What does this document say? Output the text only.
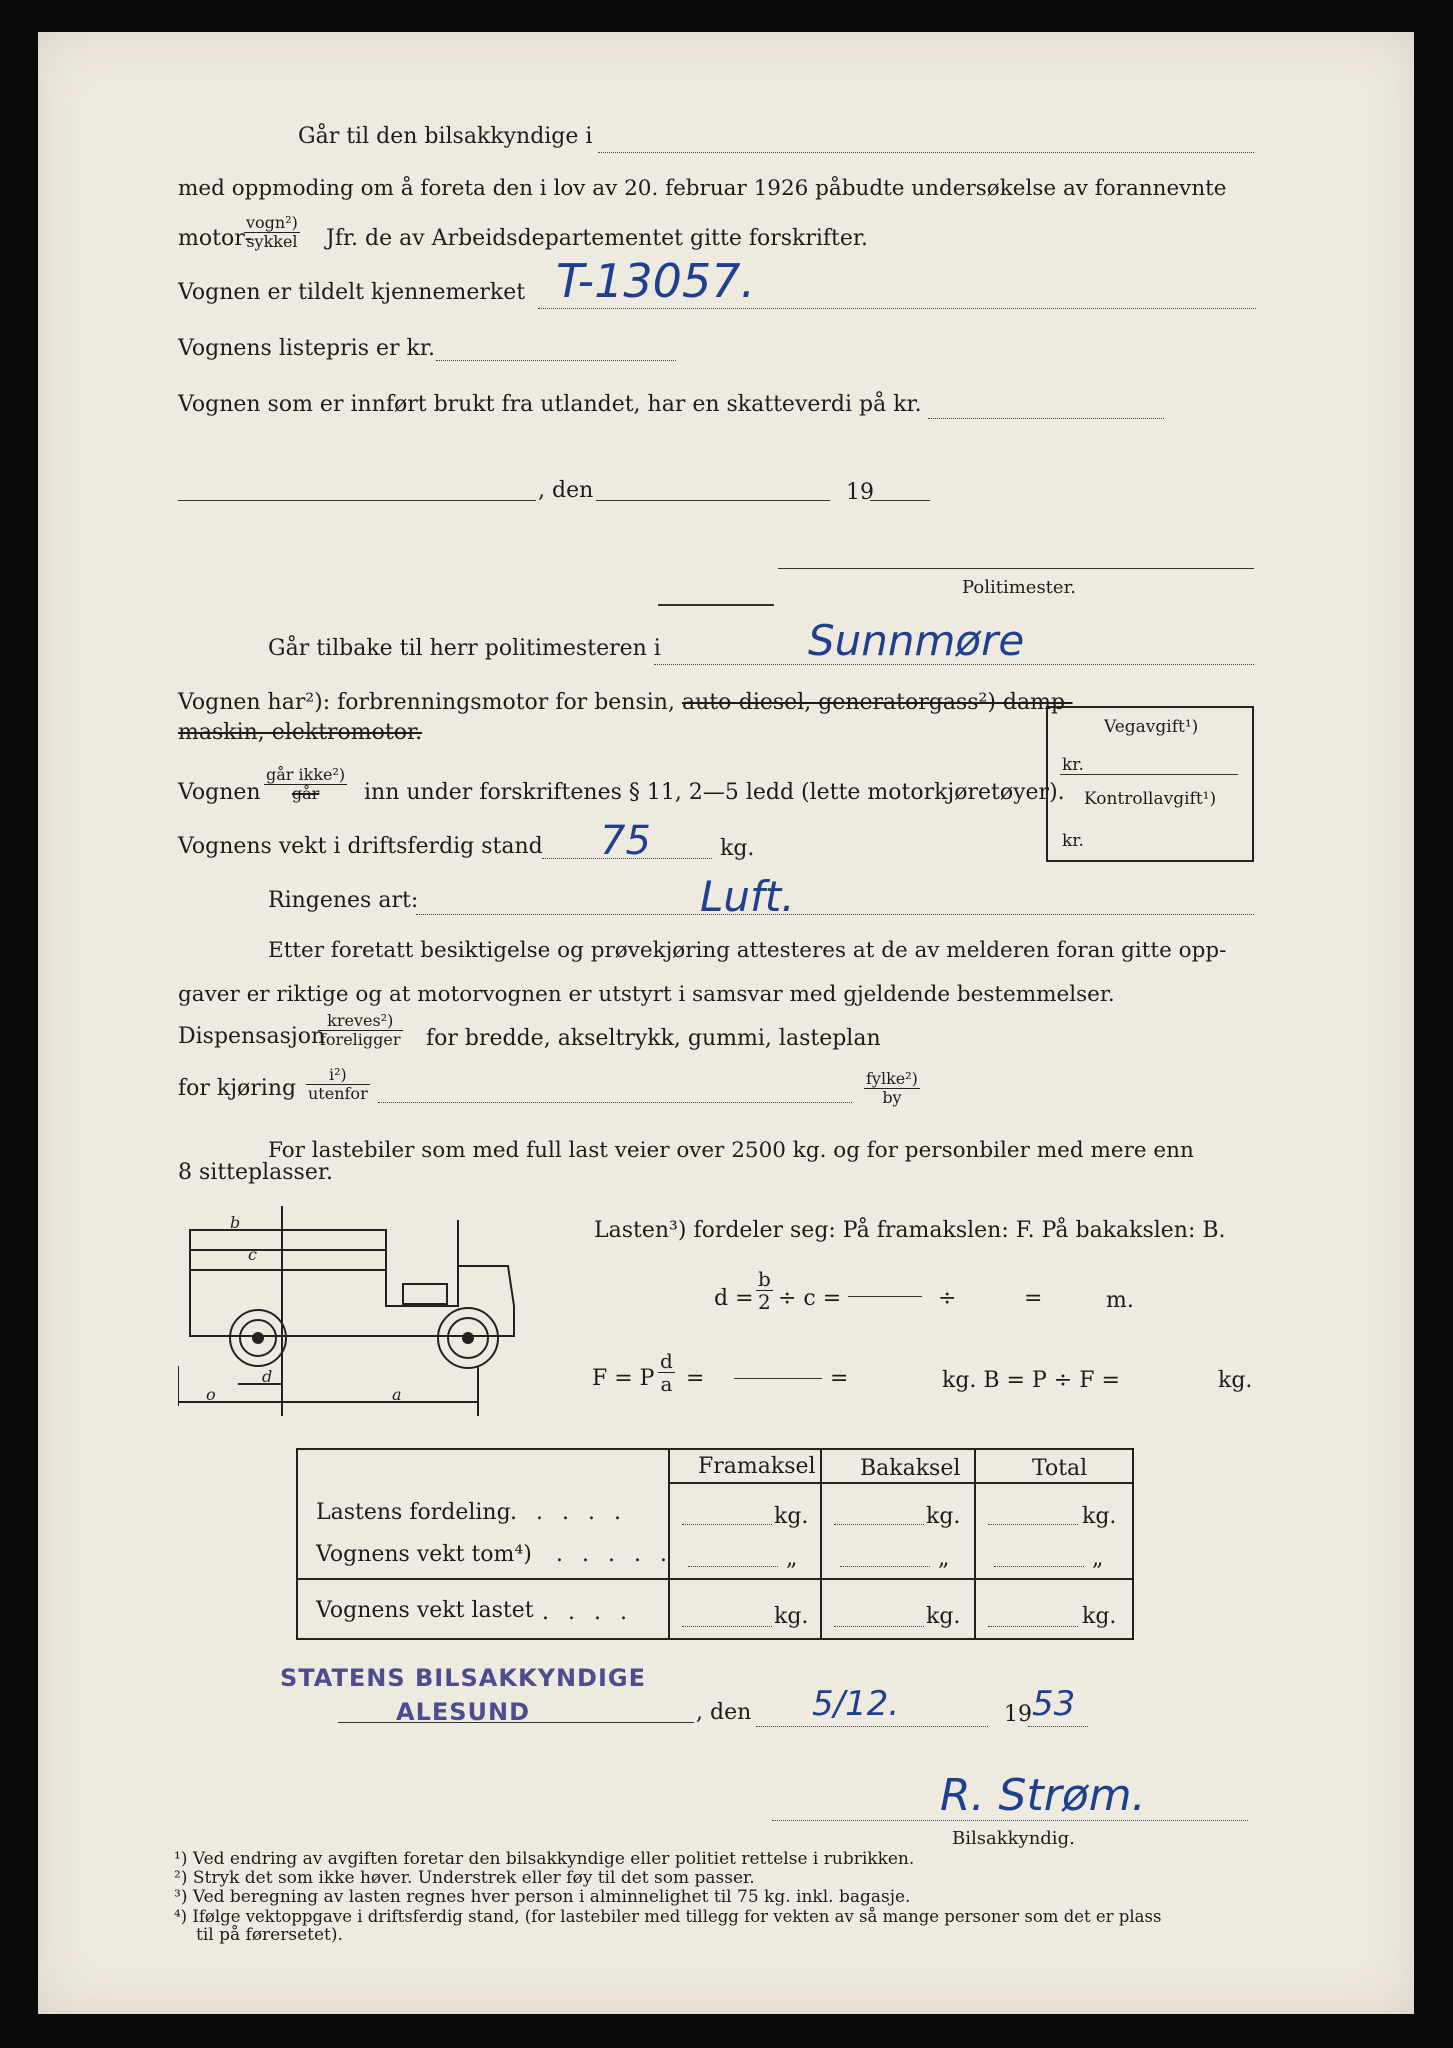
Går til den bilsakkyndige i
med oppmoding om å foreta den i lov av 20. februar 1926 påbudte undersøkelse av forannevnte
motor-
vogn²)
sykkel Jfr. de av Arbeidsdepartementet gitte forskrifter.
Vognen er tildelt kjennemerket T-13057.
Vognens listepris er kr.
Vognen som er innført brukt fra utlandet, har en skatteverdi på kr.
, den	19
Politimester.
Går tilbake til herr politimesteren i	Sunnmøre
Vognen har²): forbrenningsmotor for bensin, auto-diesel, generatorgass²) damp-
maskin, elektromotor.	Vegavgift¹)
kr.
Kontrollavgift¹)
kr.
Vognen
går ikke²)
går	inn under forskriftenes § 11, 2—5 ledd (lette motorkjøretøyer).
Vognens vekt i driftsferdig stand 75	kg.
Ringenes art:	Luft.
Etter foretatt besiktigelse og prøvekjøring attesteres at de av melderen foran gitte opp-
gaver er riktige og at motorvognen er utstyrt i samsvar med gjeldende bestemmelser.
Dispensasjon
kreves²)
foreligger for bredde, akseltrykk, gummi, lasteplan
for kjøring
i²)
utenfor
fylke²)
by
For lastebiler som med full last veier over 2500 kg. og for personbiler med mere enn
8 sitteplasser.
b
c
d
a
o
Lasten³) fordeler seg: På framakslen: F. På bakakslen: B.
$d = \frac{b}{2} \div c$ =	÷	=	m.
F = P $\frac{d}{a}$ =	=	kg. B = P ÷ F =	kg.
Framaksel Bakaksel	Total
Lastens fordeling . . . . .	kg.	kg.	kg.
Vognens vekt tom⁴) . . . . .	„	„	„
Vognens vekt lastet . . . .	kg.	kg.	kg.
STATENS BILSAKKYNDIGE
ALESUND	, den 5/12.	19 53
R. Strøm.
Bilsakkyndig.
¹) Ved endring av avgiften foretar den bilsakkyndige eller politiet rettelse i rubrikken.
²) Stryk det som ikke høver. Understrek eller føy til det som passer.
³) Ved beregning av lasten regnes hver person i alminnelighet til 75 kg. inkl. bagasje.
⁴) Ifølge vektoppgave i driftsferdig stand, (for lastebiler med tillegg for vekten av så mange personer som det er plass
til på førersetet).
